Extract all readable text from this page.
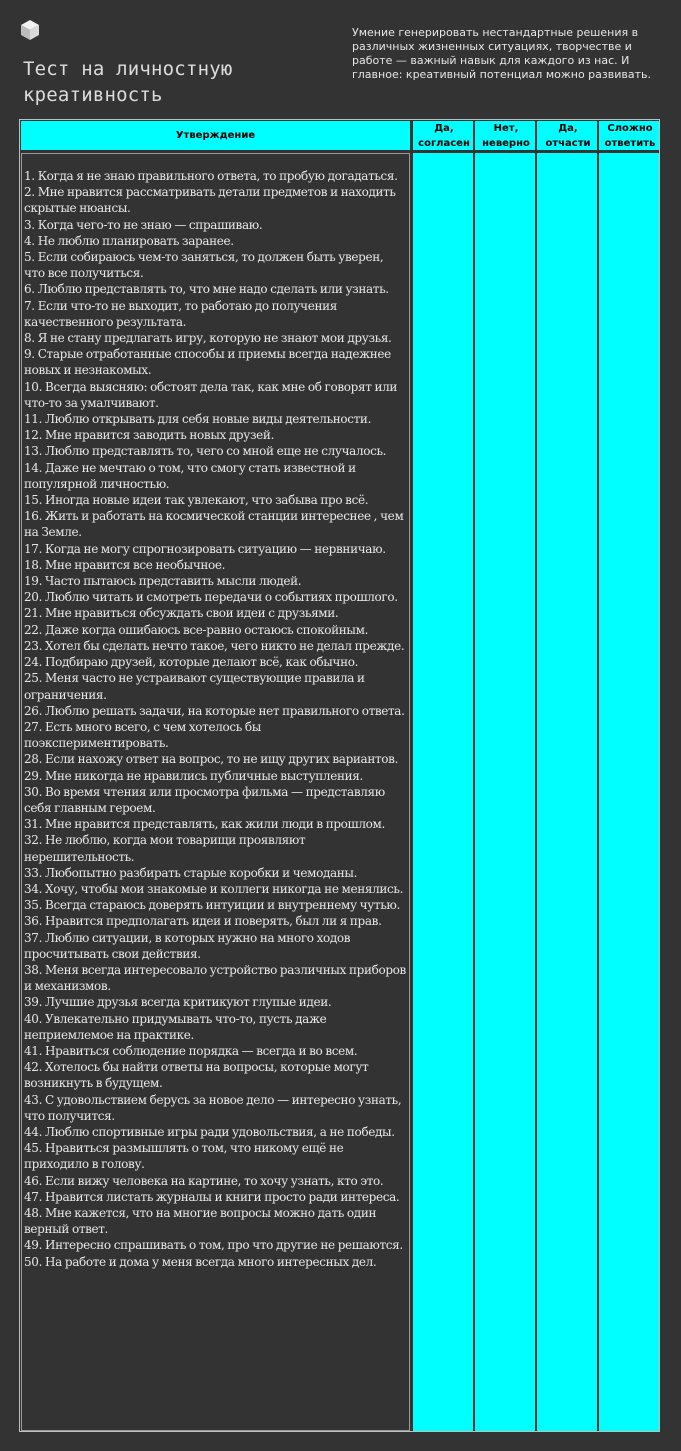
Тест на личностную креативность
Умение генерировать нестандартные решения в различных жизненных ситуациях, творчестве и работе — важный навык для каждого из нас. И главное: креативный потенциал можно развивать.
Утверждение
Да, согласен
Нет, неверно
Да, отчасти
Сложно ответить
1. Когда я не знаю правильного ответа, то пробую догадаться.
2. Мне нравится рассматривать детали предметов и находить скрытые нюансы.
3. Когда чего-то не знаю — спрашиваю.
4. Не люблю планировать заранее.
5. Если собираюсь чем-то заняться, то должен быть уверен, что все получиться.
6. Люблю представлять то, что мне надо сделать или узнать.
7. Если что-то не выходит, то работаю до получения качественного результата.
8. Я не стану предлагать игру, которую не знают мои друзья.
9. Старые отработанные способы и приемы всегда надежнее новых и незнакомых.
10. Всегда выясняю: обстоят дела так, как мне об говорят или что-то за умалчивают.
11. Люблю открывать для себя новые виды деятельности.
12. Мне нравится заводить новых друзей.
13. Люблю представлять то, чего со мной еще не случалось.
14. Даже не мечтаю о том, что смогу стать известной и популярной личностью.
15. Иногда новые идеи так увлекают, что забыва про всё.
16. Жить и работать на космической станции интереснее , чем на Земле.
17. Когда не могу спрогнозировать ситуацию — нервничаю.
18. Мне нравится все необычное.
19. Часто пытаюсь представить мысли людей.
20. Люблю читать и смотреть передачи о событиях прошлого.
21. Мне нравиться обсуждать свои идеи с друзьями.
22. Даже когда ошибаюсь все-равно остаюсь спокойным.
23. Хотел бы сделать нечто такое, чего никто не делал прежде.
24. Подбираю друзей, которые делают всё, как обычно.
25. Меня часто не устраивают существующие правила и ограничения.
26. Люблю решать задачи, на которые нет правильного ответа.
27. Есть много всего, с чем хотелось бы поэкспериментировать.
28. Если нахожу ответ на вопрос, то не ищу других вариантов.
29. Мне никогда не нравились публичные выступления.
30. Во время чтения или просмотра фильма — представляю себя главным героем.
31. Мне нравится представлять, как жили люди в прошлом.
32. Не люблю, когда мои товарищи проявляют нерешительность.
33. Любопытно разбирать старые коробки и чемоданы.
34. Хочу, чтобы мои знакомые и коллеги никогда не менялись.
35. Всегда стараюсь доверять интуиции и внутреннему чутью.
36. Нравится предполагать идеи и поверять, был ли я прав.
37. Люблю ситуации, в которых нужно на много ходов просчитывать свои действия.
38. Меня всегда интересовало устройство различных приборов и механизмов.
39. Лучшие друзья всегда критикуют глупые идеи.
40. Увлекательно придумывать что-то, пусть даже неприемлемое на практике.
41. Нравиться соблюдение порядка — всегда и во всем.
42. Хотелось бы найти ответы на вопросы, которые могут возникнуть в будущем.
43. С удовольствием берусь за новое дело — интересно узнать, что получится.
44. Люблю спортивные игры ради удовольствия, а не победы.
45. Нравиться размышлять о том, что никому ещё не приходило в голову.
46. Если вижу человека на картине, то хочу узнать, кто это.
47. Нравится листать журналы и книги просто ради интереса.
48. Мне кажется, что на многие вопросы можно дать один верный ответ.
49. Интересно спрашивать о том, про что другие не решаются.
50. На работе и дома у меня всегда много интересных дел.
